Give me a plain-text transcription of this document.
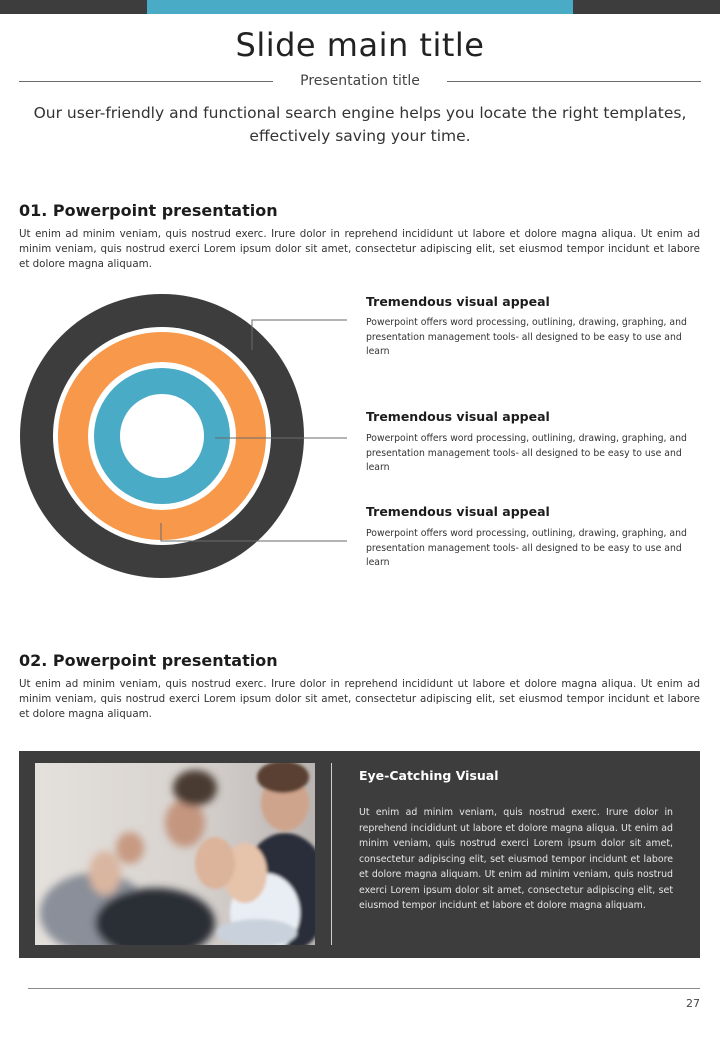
Slide main title
Presentation title

Our user-friendly and functional search engine helps you locate the right templates, effectively saving your time.

01. Powerpoint presentation

Ut enim ad minim veniam, quis nostrud exerc. Irure dolor in reprehend incididunt ut labore et dolore magna aliqua. Ut enim ad minim veniam, quis nostrud exerci Lorem ipsum dolor sit amet, consectetur adipiscing elit, set eiusmod tempor incidunt et labore et dolore magna aliquam.

Tremendous visual appeal
Powerpoint offers word processing, outlining, drawing, graphing, and presentation management tools- all designed to be easy to use and learn
Tremendous visual appeal
Powerpoint offers word processing, outlining, drawing, graphing, and presentation management tools- all designed to be easy to use and learn
Tremendous visual appeal
Powerpoint offers word processing, outlining, drawing, graphing, and presentation management tools- all designed to be easy to use and learn
02. Powerpoint presentation

Ut enim ad minim veniam, quis nostrud exerc. Irure dolor in reprehend incididunt ut labore et dolore magna aliqua. Ut enim ad minim veniam, quis nostrud exerci Lorem ipsum dolor sit amet, consectetur adipiscing elit, set eiusmod tempor incidunt et labore et dolore magna aliquam.

Eye-Catching Visual

Ut enim ad minim veniam, quis nostrud exerc. Irure dolor in reprehend incididunt ut labore et dolore magna aliqua. Ut enim ad minim veniam, quis nostrud exerci Lorem ipsum dolor sit amet, consectetur adipiscing elit, set eiusmod tempor incidunt et labore et dolore magna aliquam. Ut enim ad minim veniam, quis nostrud exerci Lorem ipsum dolor sit amet, consectetur adipiscing elit, set eiusmod tempor incidunt et labore et dolore magna aliquam.

27
